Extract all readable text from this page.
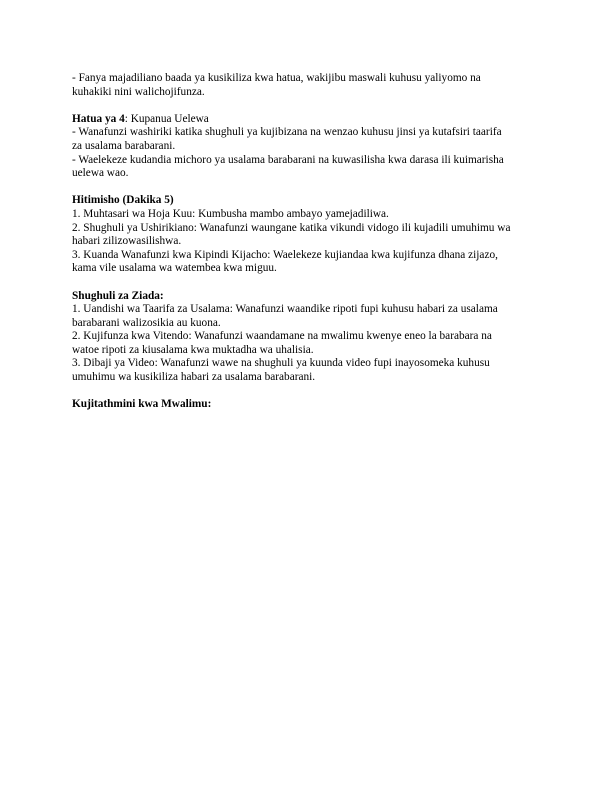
- Fanya majadiliano baada ya kusikiliza kwa hatua, wakijibu maswali kuhusu yaliyomo na
kuhakiki nini walichojifunza.
Hatua ya 4: Kupanua Uelewa
- Wanafunzi washiriki katika shughuli ya kujibizana na wenzao kuhusu jinsi ya kutafsiri taarifa
za usalama barabarani.
- Waelekeze kudandia michoro ya usalama barabarani na kuwasilisha kwa darasa ili kuimarisha
uelewa wao.
Hitimisho (Dakika 5)
1. Muhtasari wa Hoja Kuu: Kumbusha mambo ambayo yamejadiliwa.
2. Shughuli ya Ushirikiano: Wanafunzi waungane katika vikundi vidogo ili kujadili umuhimu wa
habari zilizowasilishwa.
3. Kuanda Wanafunzi kwa Kipindi Kijacho: Waelekeze kujiandaa kwa kujifunza dhana zijazo,
kama vile usalama wa watembea kwa miguu.
Shughuli za Ziada:
1. Uandishi wa Taarifa za Usalama: Wanafunzi waandike ripoti fupi kuhusu habari za usalama
barabarani walizosikia au kuona.
2. Kujifunza kwa Vitendo: Wanafunzi waandamane na mwalimu kwenye eneo la barabara na
watoe ripoti za kiusalama kwa muktadha wa uhalisia.
3. Dibaji ya Video: Wanafunzi wawe na shughuli ya kuunda video fupi inayosomeka kuhusu
umuhimu wa kusikiliza habari za usalama barabarani.
Kujitathmini kwa Mwalimu:
